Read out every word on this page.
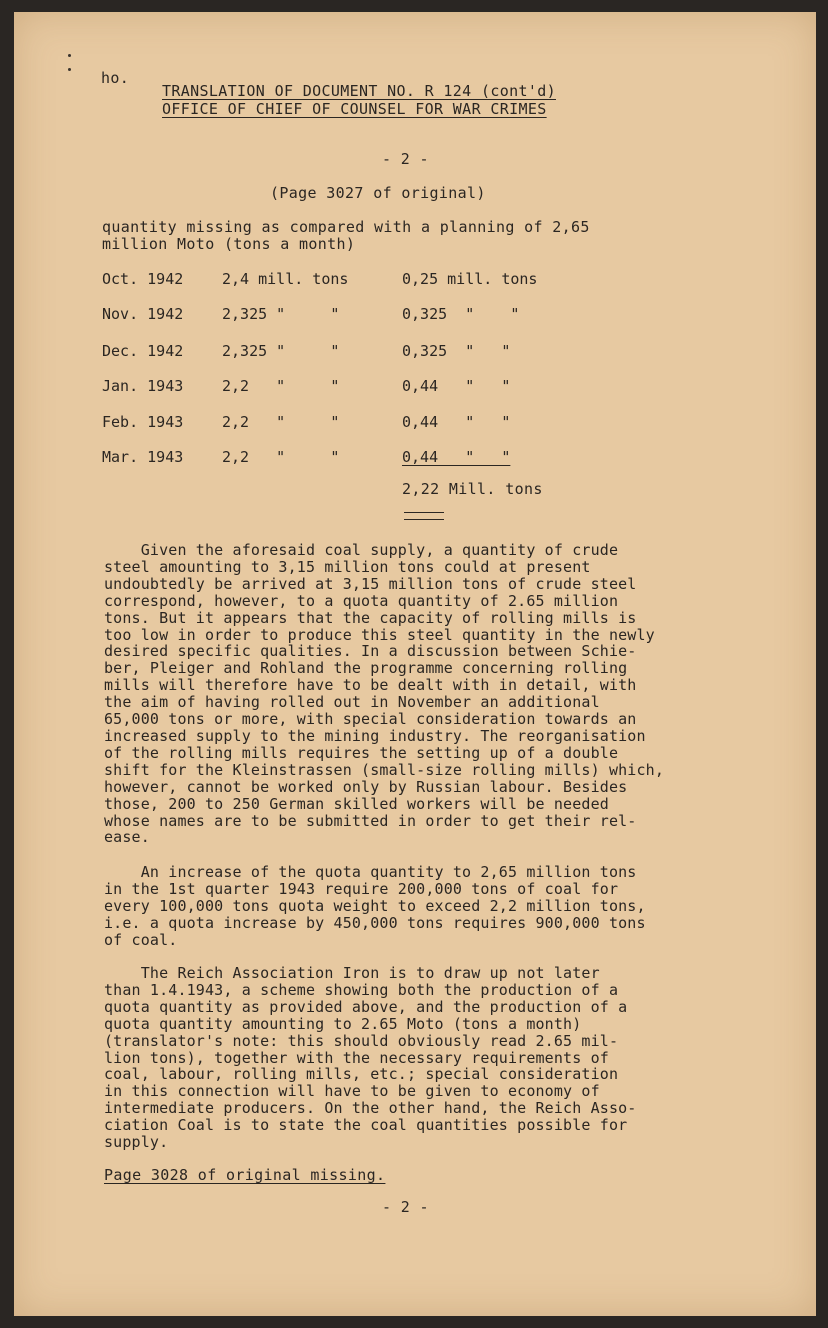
ho.
TRANSLATION OF DOCUMENT NO. R 124 (cont'd)
OFFICE OF CHIEF OF COUNSEL FOR WAR CRIMES
- 2 -
(Page 3027 of original)
quantity missing as compared with a planning of 2,65
million Moto (tons a month)
Oct. 1942	2,4 mill. tons	0,25 mill. tons
Nov. 1942	2,325 "     "	0,325  "    "
Dec. 1942	2,325 "     "	0,325  "   "
Jan. 1943	2,2   "     "	0,44   "   "
Feb. 1943	2,2   "     "	0,44   "   "
Mar. 1943	2,2   "     "	0,44   "   "
2,22 Mill. tons

Given the aforesaid coal supply, a quantity of crude

steel amounting to 3,15 million tons could at present

undoubtedly be arrived at 3,15 million tons of crude steel

correspond, however, to a quota quantity of 2.65 million

tons. But it appears that the capacity of rolling mills is

too low in order to produce this steel quantity in the newly

desired specific qualities. In a discussion between Schie-

ber, Pleiger and Rohland the programme concerning rolling

mills will therefore have to be dealt with in detail, with

the aim of having rolled out in November an additional

65,000 tons or more, with special consideration towards an

increased supply to the mining industry. The reorganisation

of the rolling mills requires the setting up of a double

shift for the Kleinstrassen (small-size rolling mills) which,

however, cannot be worked only by Russian labour. Besides

those, 200 to 250 German skilled workers will be needed

whose names are to be submitted in order to get their rel-

ease.

An increase of the quota quantity to 2,65 million tons

in the 1st quarter 1943 require 200,000 tons of coal for

every 100,000 tons quota weight to exceed 2,2 million tons,

i.e. a quota increase by 450,000 tons requires 900,000 tons

of coal.

The Reich Association Iron is to draw up not later

than 1.4.1943, a scheme showing both the production of a

quota quantity as provided above, and the production of a

quota quantity amounting to 2.65 Moto (tons a month)

(translator's note: this should obviously read 2.65 mil-

lion tons), together with the necessary requirements of

coal, labour, rolling mills, etc.; special consideration

in this connection will have to be given to economy of

intermediate producers. On the other hand, the Reich Asso-

ciation Coal is to state the coal quantities possible for

supply.

Page 3028 of original missing.
- 2 -
